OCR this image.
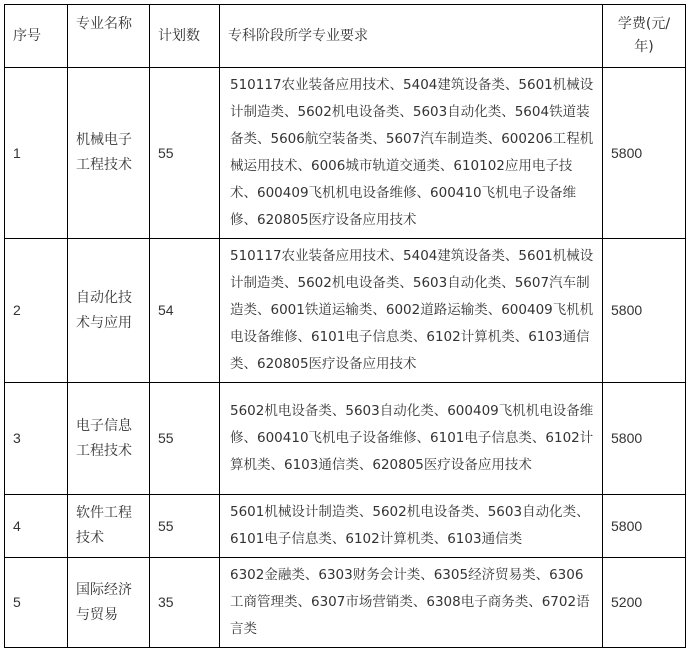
序号	专业名称	计划数	专科阶段所学专业要求	学费(元/年)
1	机械电子工程技术	55	510117农业装备应用技术、5404建筑设备类、5601机械设计制造类、5602机电设备类、5603自动化类、5604铁道装备类、5606航空装备类、5607汽车制造类、600206工程机械运用技术、6006城市轨道交通类、610102应用电子技术、600409飞机机电设备维修、600410飞机电子设备维修、620805医疗设备应用技术	5800
2	自动化技术与应用	54	510117农业装备应用技术、5404建筑设备类、5601机械设计制造类、5602机电设备类、5603自动化类、5607汽车制造类、6001铁道运输类、6002道路运输类、600409飞机机电设备维修、6101电子信息类、6102计算机类、6103通信类、620805医疗设备应用技术	5800
3	电子信息工程技术	55	5602机电设备类、5603自动化类、600409飞机机电设备维修、600410飞机电子设备维修、6101电子信息类、6102计算机类、6103通信类、620805医疗设备应用技术	5800
4	软件工程技术	55	5601机械设计制造类、5602机电设备类、5603自动化类、6101电子信息类、6102计算机类、6103通信类	5800
5	国际经济与贸易	35	6302金融类、6303财务会计类、6305经济贸易类、6306工商管理类、6307市场营销类、6308电子商务类、6702语言类	5200
